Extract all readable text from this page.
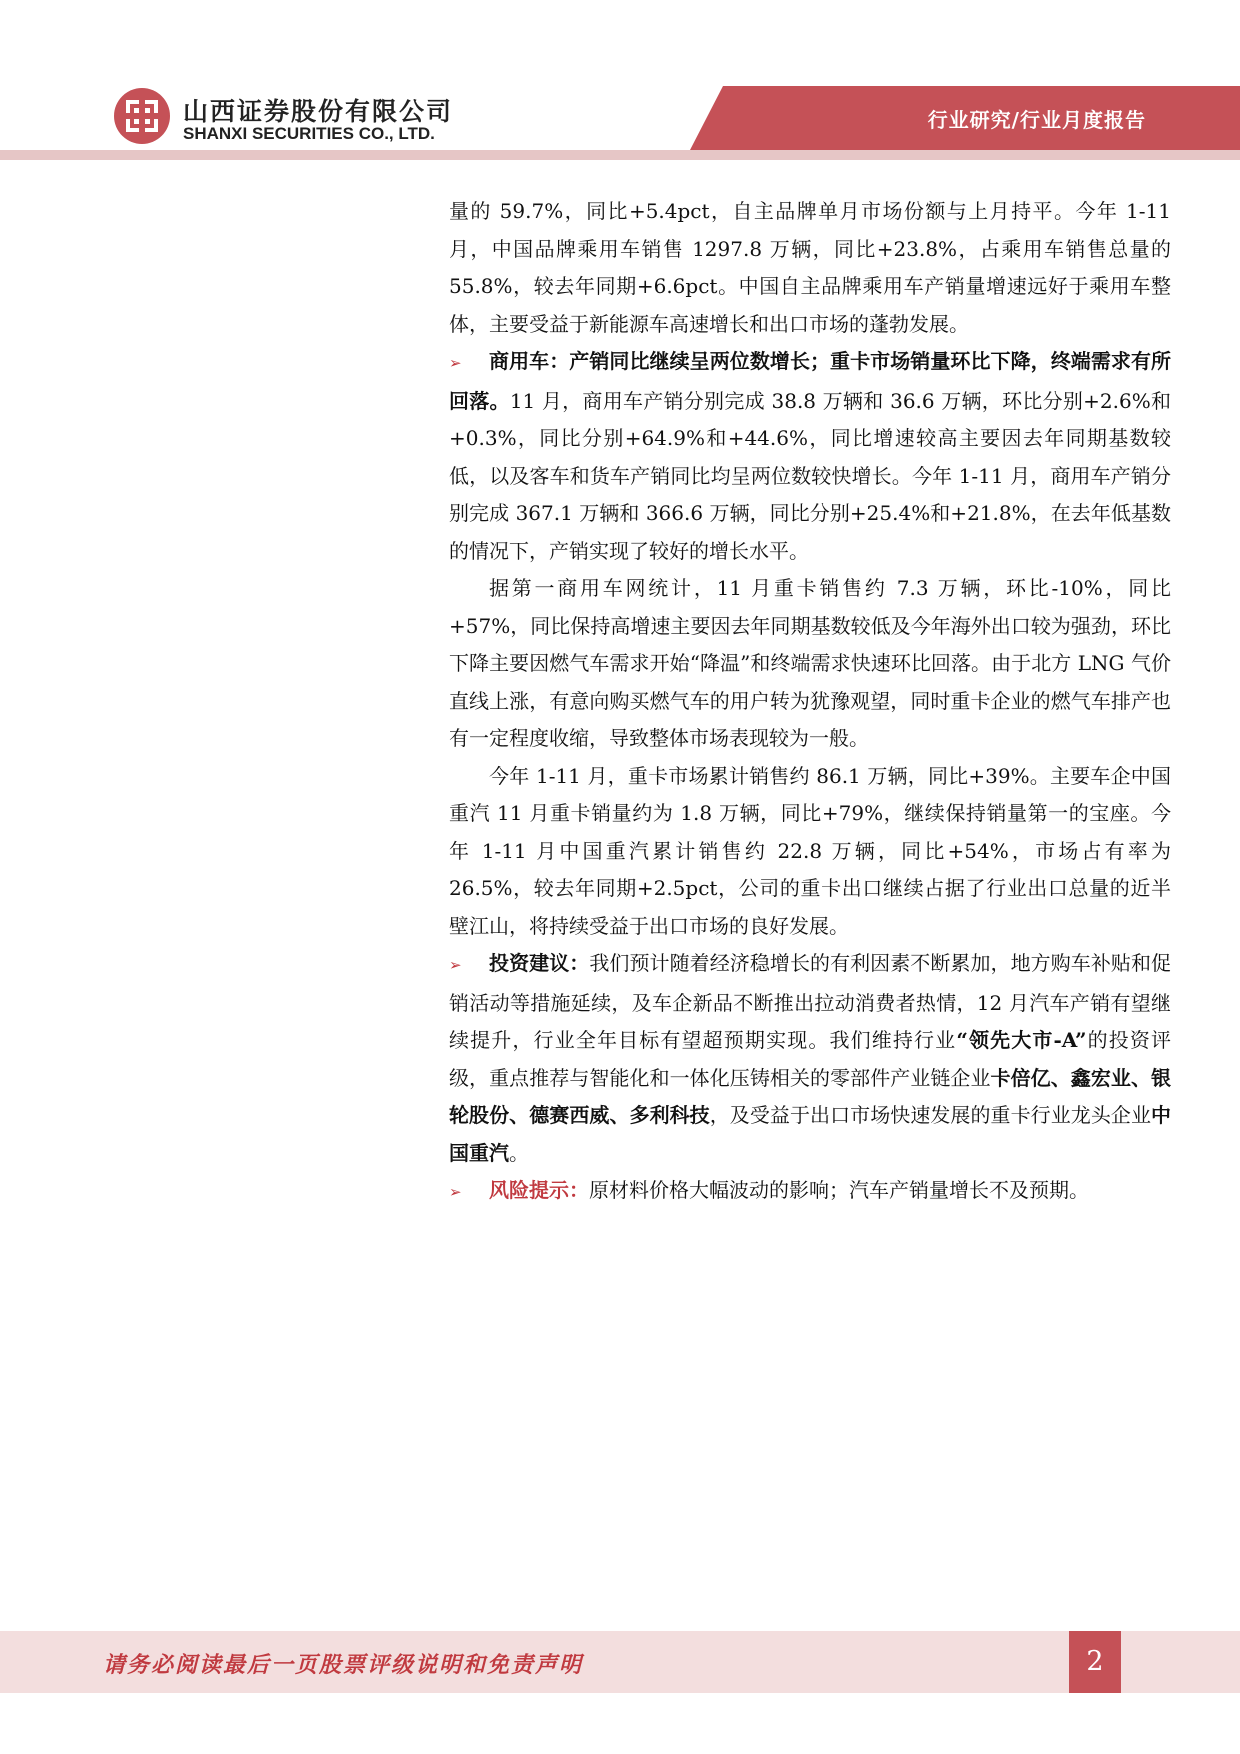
山西证券股份有限公司
SHANXI SECURITIES CO., LTD.
行业研究/行业月度报告

量的 59.7%，同比+5.4pct，自主品牌单月市场份额与上月持平。今年 1-11 月，中国品牌乘用车销售 1297.8 万辆，同比+23.8%，占乘用车销售总量的 55.8%，较去年同期+6.6pct。中国自主品牌乘用车产销量增速远好于乘用车整体，主要受益于新能源车高速增长和出口市场的蓬勃发展。

➢ 商用车：产销同比继续呈两位数增长；重卡市场销量环比下降，终端需求有所回落。11 月，商用车产销分别完成 38.8 万辆和 36.6 万辆，环比分别+2.6%和+0.3%，同比分别+64.9%和+44.6%，同比增速较高主要因去年同期基数较低，以及客车和货车产销同比均呈两位数较快增长。今年 1-11 月，商用车产销分别完成 367.1 万辆和 366.6 万辆，同比分别+25.4%和+21.8%，在去年低基数的情况下，产销实现了较好的增长水平。

据第一商用车网统计，11 月重卡销售约 7.3 万辆，环比-10%，同比+57%，同比保持高增速主要因去年同期基数较低及今年海外出口较为强劲，环比下降主要因燃气车需求开始“降温”和终端需求快速环比回落。由于北方 LNG 气价直线上涨，有意向购买燃气车的用户转为犹豫观望，同时重卡企业的燃气车排产也有一定程度收缩，导致整体市场表现较为一般。

今年 1-11 月，重卡市场累计销售约 86.1 万辆，同比+39%。主要车企中国重汽 11 月重卡销量约为 1.8 万辆，同比+79%，继续保持销量第一的宝座。今年 1-11 月中国重汽累计销售约 22.8 万辆，同比+54%，市场占有率为 26.5%，较去年同期+2.5pct，公司的重卡出口继续占据了行业出口总量的近半壁江山，将持续受益于出口市场的良好发展。

➢ 投资建议：我们预计随着经济稳增长的有利因素不断累加，地方购车补贴和促销活动等措施延续，及车企新品不断推出拉动消费者热情，12 月汽车产销有望继续提升，行业全年目标有望超预期实现。我们维持行业“领先大市-A”的投资评级，重点推荐与智能化和一体化压铸相关的零部件产业链企业卡倍亿、鑫宏业、银轮股份、德赛西威、多利科技，及受益于出口市场快速发展的重卡行业龙头企业中国重汽。

➢ 风险提示：原材料价格大幅波动的影响；汽车产销量增长不及预期。

请务必阅读最后一页股票评级说明和免责声明	2
